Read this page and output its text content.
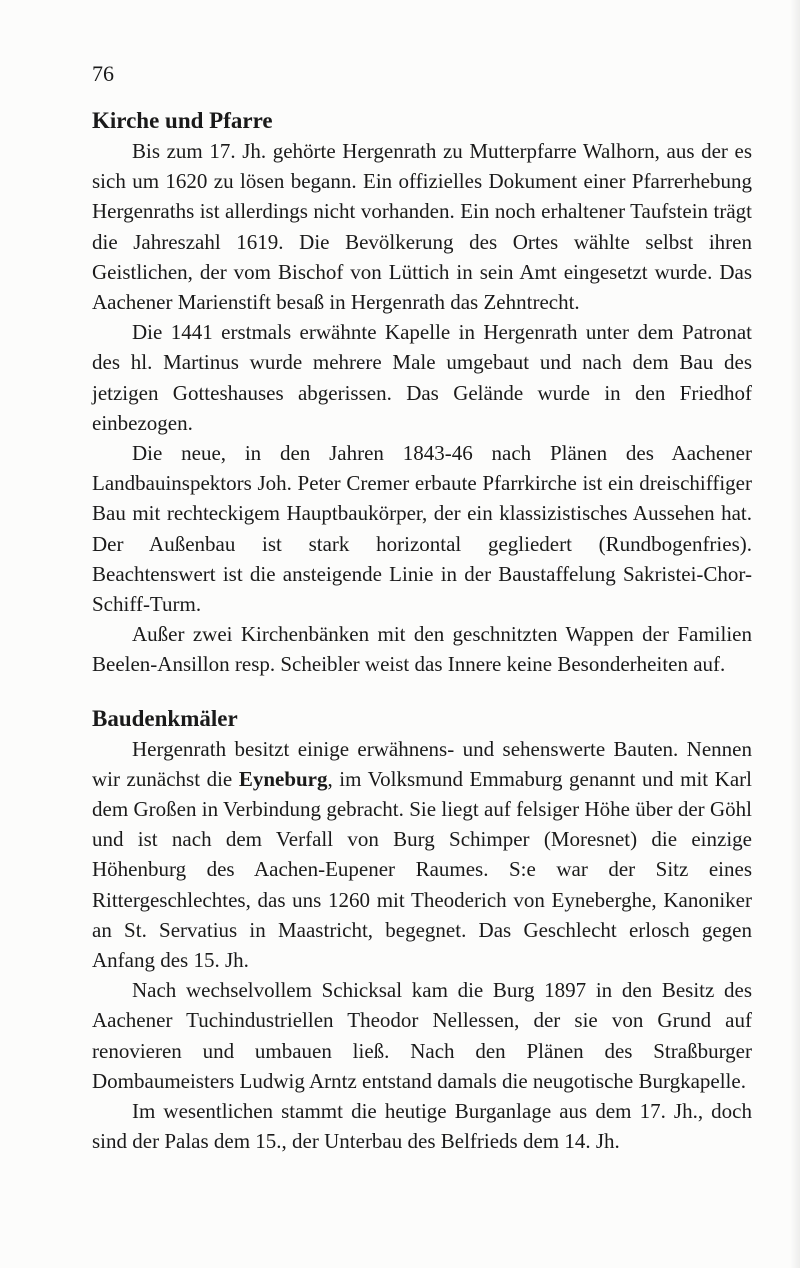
76
Kirche und Pfarre

Bis zum 17. Jh. gehörte Hergenrath zu Mutterpfarre Walhorn, aus der es sich um 1620 zu lösen begann. Ein offizielles Dokument einer Pfarrerhebung Hergenraths ist allerdings nicht vorhanden. Ein noch erhaltener Taufstein trägt die Jahreszahl 1619. Die Bevölkerung des Ortes wählte selbst ihren Geistlichen, der vom Bischof von Lüttich in sein Amt eingesetzt wurde. Das Aachener Marienstift besaß in Hergenrath das Zehntrecht.

Die 1441 erstmals erwähnte Kapelle in Hergenrath unter dem Patronat des hl. Martinus wurde mehrere Male umgebaut und nach dem Bau des jetzigen Gotteshauses abgerissen. Das Gelände wurde in den Friedhof einbezogen.

Die neue, in den Jahren 1843-46 nach Plänen des Aachener Landbauinspektors Joh. Peter Cremer erbaute Pfarrkirche ist ein dreischiffiger Bau mit rechteckigem Hauptbaukörper, der ein klassizistisches Aussehen hat. Der Außenbau ist stark horizontal gegliedert (Rundbogenfries). Beachtenswert ist die ansteigende Linie in der Baustaffelung Sakristei-Chor-Schiff-Turm.

Außer zwei Kirchenbänken mit den geschnitzten Wappen der Familien Beelen-Ansillon resp. Scheibler weist das Innere keine Besonderheiten auf.

Baudenkmäler

Hergenrath besitzt einige erwähnens- und sehenswerte Bauten. Nennen wir zunächst die Eyneburg, im Volksmund Emmaburg genannt und mit Karl dem Großen in Verbindung gebracht. Sie liegt auf felsiger Höhe über der Göhl und ist nach dem Verfall von Burg Schimper (Moresnet) die einzige Höhenburg des Aachen-Eupener Raumes. S:e war der Sitz eines Rittergeschlechtes, das uns 1260 mit Theoderich von Eyneberghe, Kanoniker an St. Servatius in Maastricht, begegnet. Das Geschlecht erlosch gegen Anfang des 15. Jh.

Nach wechselvollem Schicksal kam die Burg 1897 in den Besitz des Aachener Tuchindustriellen Theodor Nellessen, der sie von Grund auf renovieren und umbauen ließ. Nach den Plänen des Straßburger Dombaumeisters Ludwig Arntz entstand damals die neugotische Burgkapelle.

Im wesentlichen stammt die heutige Burganlage aus dem 17. Jh., doch sind der Palas dem 15., der Unterbau des Belfrieds dem 14. Jh.
